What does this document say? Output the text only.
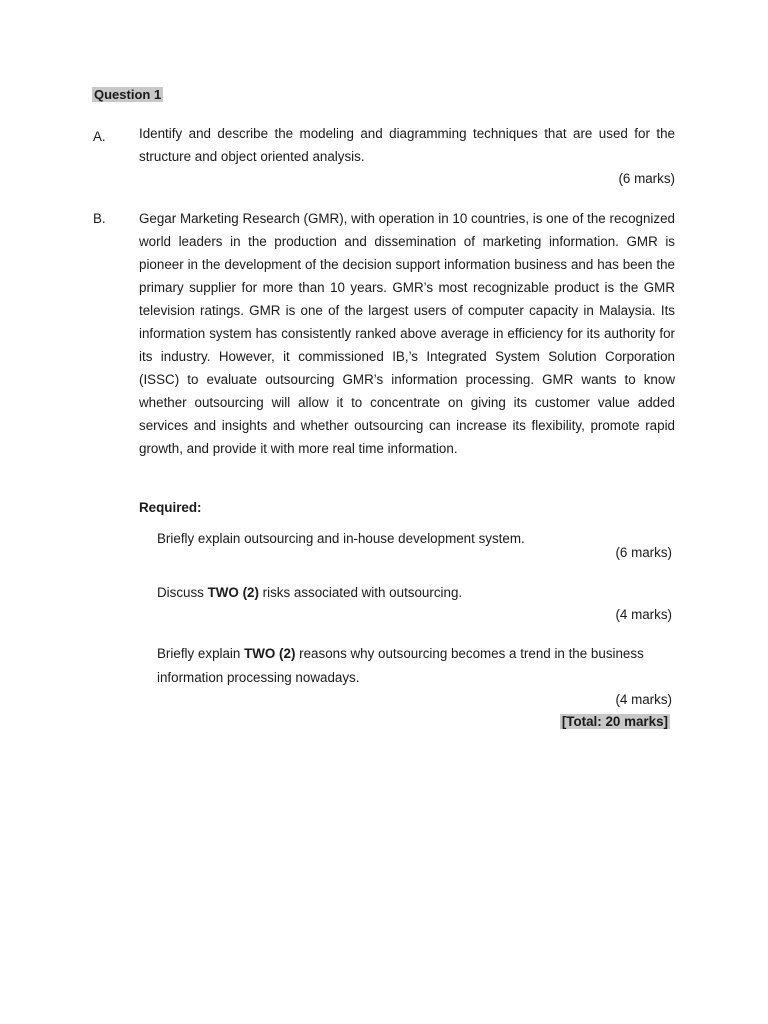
Question 1
A. Identify and describe the modeling and diagramming techniques that are used for the structure and object oriented analysis.
(6 marks)
B. Gegar Marketing Research (GMR), with operation in 10 countries, is one of the recognized world leaders in the production and dissemination of marketing information. GMR is pioneer in the development of the decision support information business and has been the primary supplier for more than 10 years. GMR’s most recognizable product is the GMR television ratings. GMR is one of the largest users of computer capacity in Malaysia. Its information system has consistently ranked above average in efficiency for its authority for its industry. However, it commissioned IB,’s Integrated System Solution Corporation (ISSC) to evaluate outsourcing GMR’s information processing. GMR wants to know whether outsourcing will allow it to concentrate on giving its customer value added services and insights and whether outsourcing can increase its flexibility, promote rapid growth, and provide it with more real time information.
Required:
Briefly explain outsourcing and in-house development system.
(6 marks)
Discuss TWO (2) risks associated with outsourcing.
(4 marks)
Briefly explain TWO (2) reasons why outsourcing becomes a trend in the business information processing nowadays.
(4 marks)
[Total: 20 marks]
